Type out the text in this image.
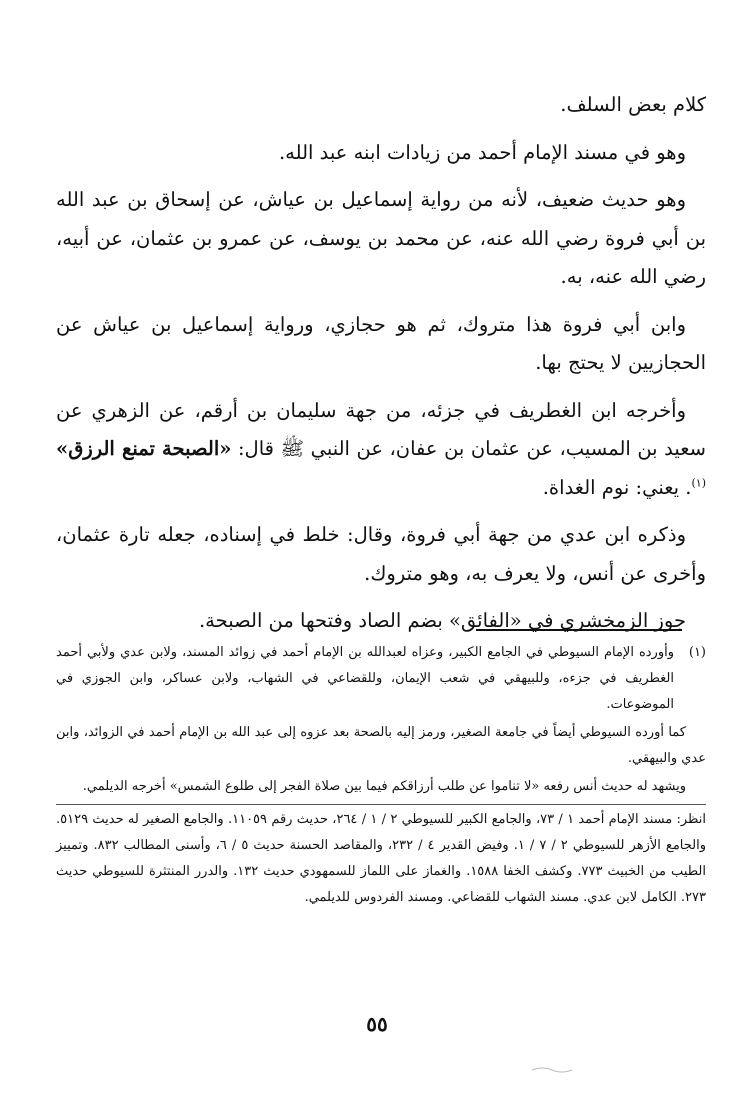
كلام بعض السلف.

وهو في مسند الإمام أحمد من زيادات ابنه عبد الله.

وهو حديث ضعيف، لأنه من رواية إسماعيل بن عياش، عن إسحاق بن عبد الله بن أبي فروة رضي الله عنه، عن محمد بن يوسف، عن عمرو بن عثمان، عن أبيه، رضي الله عنه، به.

وابن أبي فروة هذا متروك، ثم هو حجازي، ورواية إسماعيل بن عياش عن الحجازيين لا يحتج بها.

وأخرجه ابن الغطريف في جزئه، من جهة سليمان بن أرقم، عن الزهري عن سعيد بن المسيب، عن عثمان بن عفان، عن النبي ﷺ قال: «الصبحة تمنع الرزق» $^{(١)}$. يعني: نوم الغداة.

وذكره ابن عدي من جهة أبي فروة، وقال: خلط في إسناده، جعله تارة عثمان، وأخرى عن أنس، ولا يعرف به، وهو متروك.

جوز الزمخشري في «الفائق» بضم الصاد وفتحها من الصبحة.

(١)وأورده الإمام السيوطي في الجامع الكبير، وعزاه لعبدالله بن الإمام أحمد في زوائد المسند، ولابن عدي ولأبي أحمد الغطريف في جزءه، وللبيهقي في شعب الإيمان، وللقضاعي في الشهاب، ولابن عساكر، وابن الجوزي في الموضوعات.

كما أورده السيوطي أيضاً في جامعة الصغير، ورمز إليه بالصحة بعد عزوه إلى عبد الله بن الإمام أحمد في الزوائد، وابن عدي والبيهقي.

ويشهد له حديث أنس رفعه «لا تناموا عن طلب أرزاقكم فيما بين صلاة الفجر إلى طلوع الشمس» أخرجه الديلمي.

انظر: مسند الإمام أحمد ١ / ٧٣، والجامع الكبير للسيوطي ٢ / ١ / ٢٦٤، حديث رقم ١١٠٥٩. والجامع الصغير له حديث ٥١٢٩. والجامع الأزهر للسيوطي ٢ / ٧ / ١. وفيض القدير ٤ / ٢٣٢، والمقاصد الحسنة حديث ٥ / ٦، وأسنى المطالب ٨٣٢. وتمييز الطيب من الخبيث ٧٧٣. وكشف الخفا ١٥٨٨. والغماز على اللماز للسمهودي حديث ١٣٢. والدرر المنتثرة للسيوطي حديث ٢٧٣. الكامل لابن عدي. مسند الشهاب للقضاعي. ومسند الفردوس للديلمي.

٥٥
